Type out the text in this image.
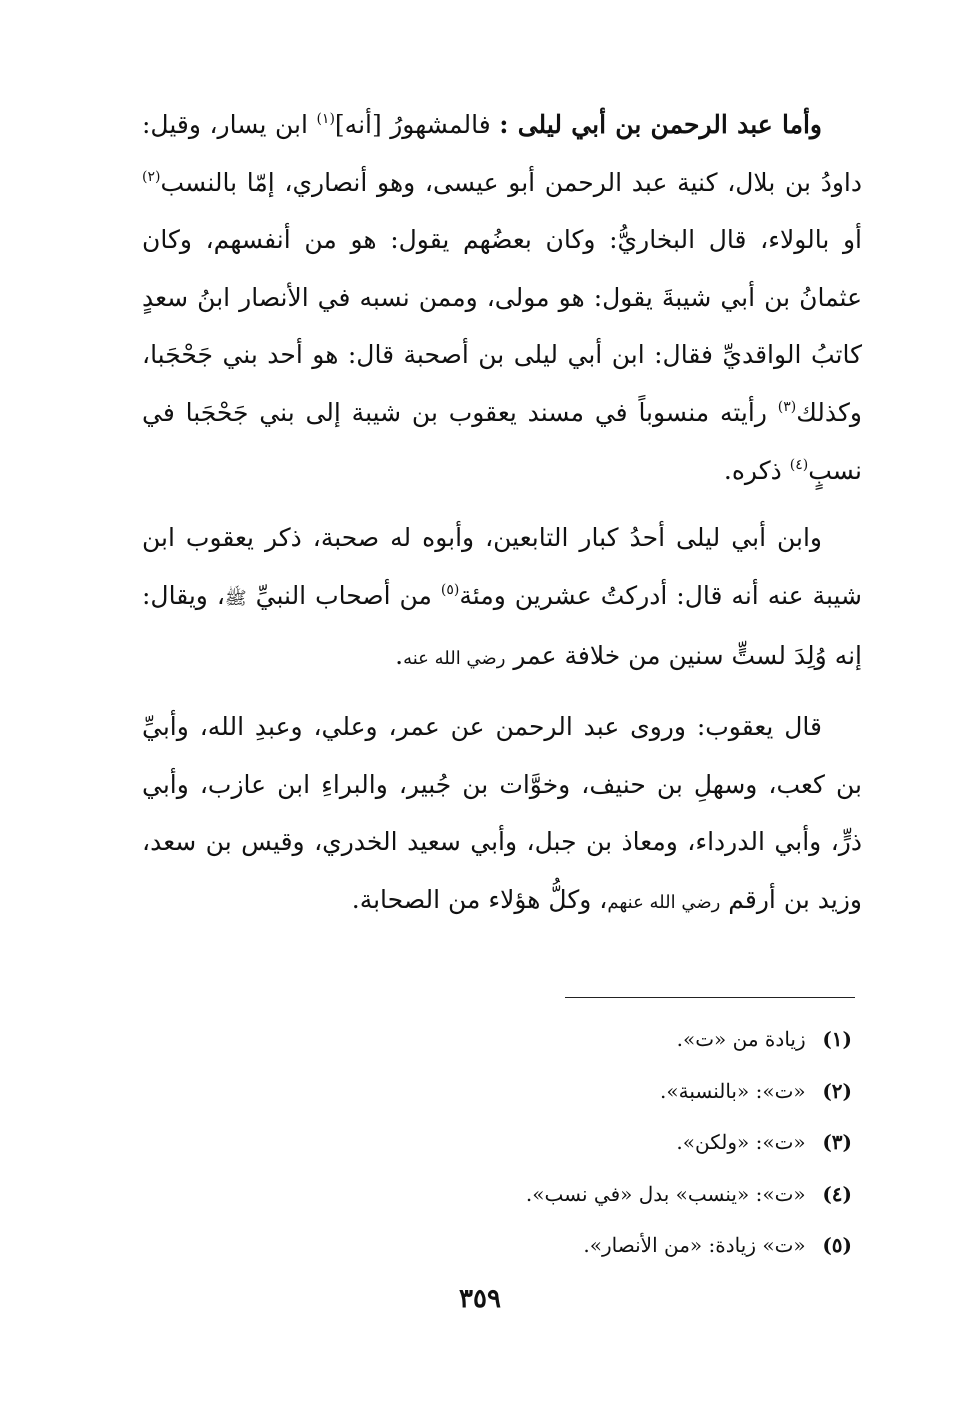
وأما عبد الرحمن بن أبي ليلى : فالمشهورُ [أنه]$^{(١)}$ ابن يسار، وقيل: داودُ بن بلال، كنية عبد الرحمن أبو عيسى، وهو أنصاري، إمّا بالنسب$^{(٢)}$ أو بالولاء، قال البخاريُّ: وكان بعضُهم يقول: هو من أنفسهم، وكان عثمانُ بن أبي شيبةَ يقول: هو مولى، وممن نسبه في الأنصار ابنُ سعدٍ كاتبُ الواقديِّ فقال: ابن أبي ليلى بن أصحبة قال: هو أحد بني جَحْجَبا، وكذلك$^{(٣)}$ رأيته منسوباً في مسند يعقوب بن شيبة إلى بني جَحْجَبا في نسبٍ$^{(٤)}$ ذكره.

وابن أبي ليلى أحدُ كبار التابعين، وأبوه له صحبة، ذكر يعقوب ابن شيبة عنه أنه قال: أدركتُ عشرين ومئة$^{(٥)}$ من أصحاب النبيِّ ﷺ، ويقال: إنه وُلِدَ لستٍّ سنين من خلافة عمر رضي الله عنه.

قال يعقوب: وروى عبد الرحمن عن عمر، وعلي، وعبدِ الله، وأبيِّ بن كعب، وسهلِ بن حنيف، وخوَّات بن جُبير، والبراءِ ابن عازب، وأبي ذرٍّ، وأبي الدرداء، ومعاذ بن جبل، وأبي سعيد الخدري، وقيس بن سعد، وزيد بن أرقم رضي الله عنهم، وكلُّ هؤلاء من الصحابة.

(١) زيادة من «ت».
(٢) «ت»: «بالنسبة».
(٣) «ت»: «ولكن».
(٤) «ت»: «ينسب» بدل «في نسب».
(٥) «ت» زيادة: «من الأنصار».
٣٥٩
